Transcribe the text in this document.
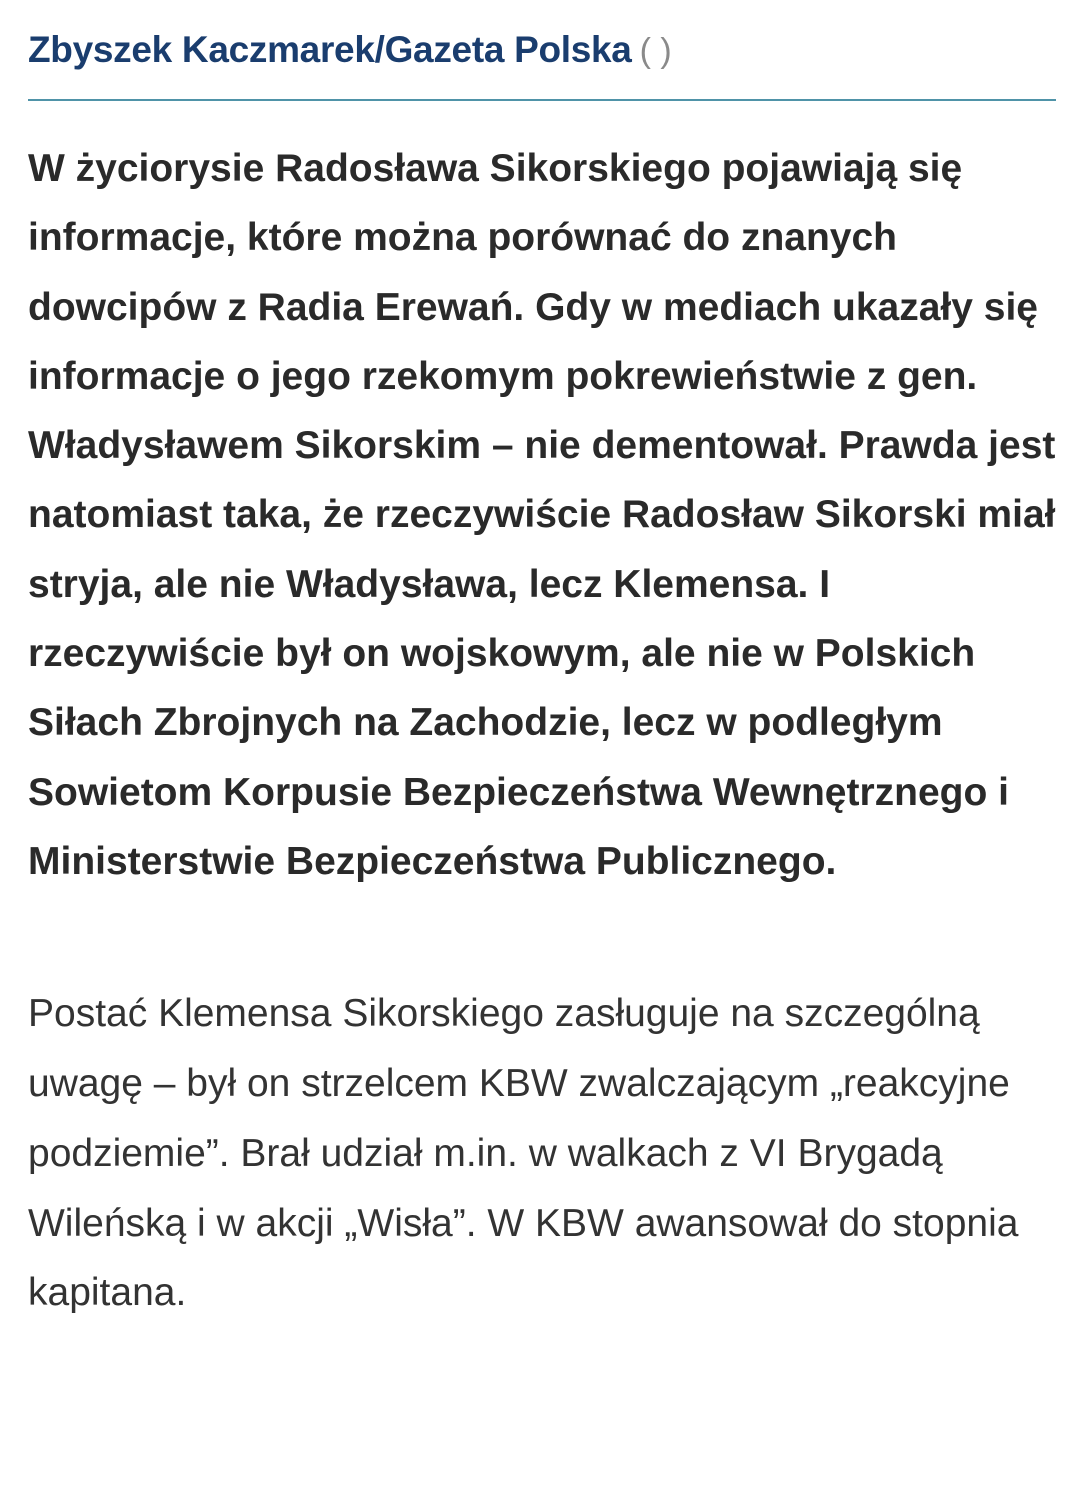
Zbyszek Kaczmarek/Gazeta Polska ( )

W życiorysie Radosława Sikorskiego pojawiają się informacje, które można porównać do znanych dowcipów z Radia Erewań. Gdy w mediach ukazały się informacje o jego rzekomym pokrewieństwie z gen. Władysławem Sikorskim – nie dementował. Prawda jest natomiast taka, że rzeczywiście Radosław Sikorski miał stryja, ale nie Władysława, lecz Klemensa. I rzeczywiście był on wojskowym, ale nie w Polskich Siłach Zbrojnych na Zachodzie, lecz w podległym Sowietom Korpusie Bezpieczeństwa Wewnętrznego i Ministerstwie Bezpieczeństwa Publicznego.

Postać Klemensa Sikorskiego zasługuje na szczególną uwagę – był on strzelcem KBW zwalczającym „reakcyjne podziemie”. Brał udział m.in. w walkach z VI Brygadą Wileńską i w akcji „Wisła”. W KBW awansował do stopnia kapitana.
